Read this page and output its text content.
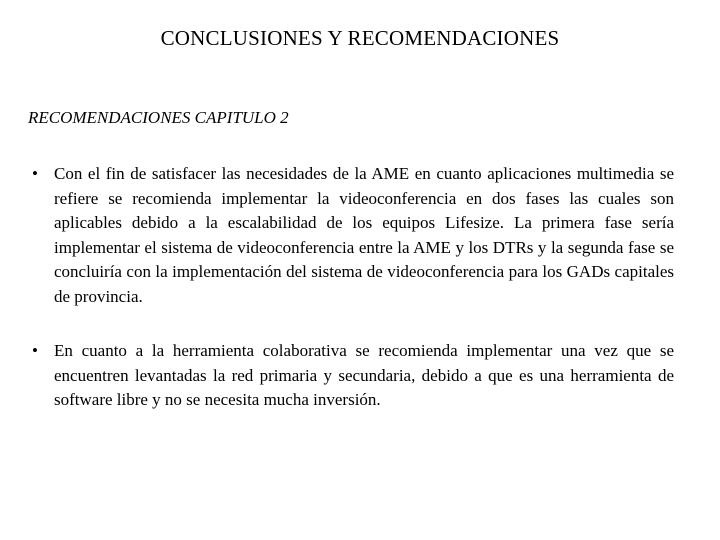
CONCLUSIONES Y RECOMENDACIONES
RECOMENDACIONES CAPITULO 2
• Con el fin de satisfacer las necesidades de la AME en cuanto aplicaciones multimedia se refiere se recomienda implementar la videoconferencia en dos fases las cuales son aplicables debido a la escalabilidad de los equipos Lifesize. La primera fase sería implementar el sistema de videoconferencia entre la AME y los DTRs y la segunda fase se concluiría con la implementación del sistema de videoconferencia para los GADs capitales de provincia.
• En cuanto a la herramienta colaborativa se recomienda implementar una vez que se encuentren levantadas la red primaria y secundaria, debido a que es una herramienta de software libre y no se necesita mucha inversión.
